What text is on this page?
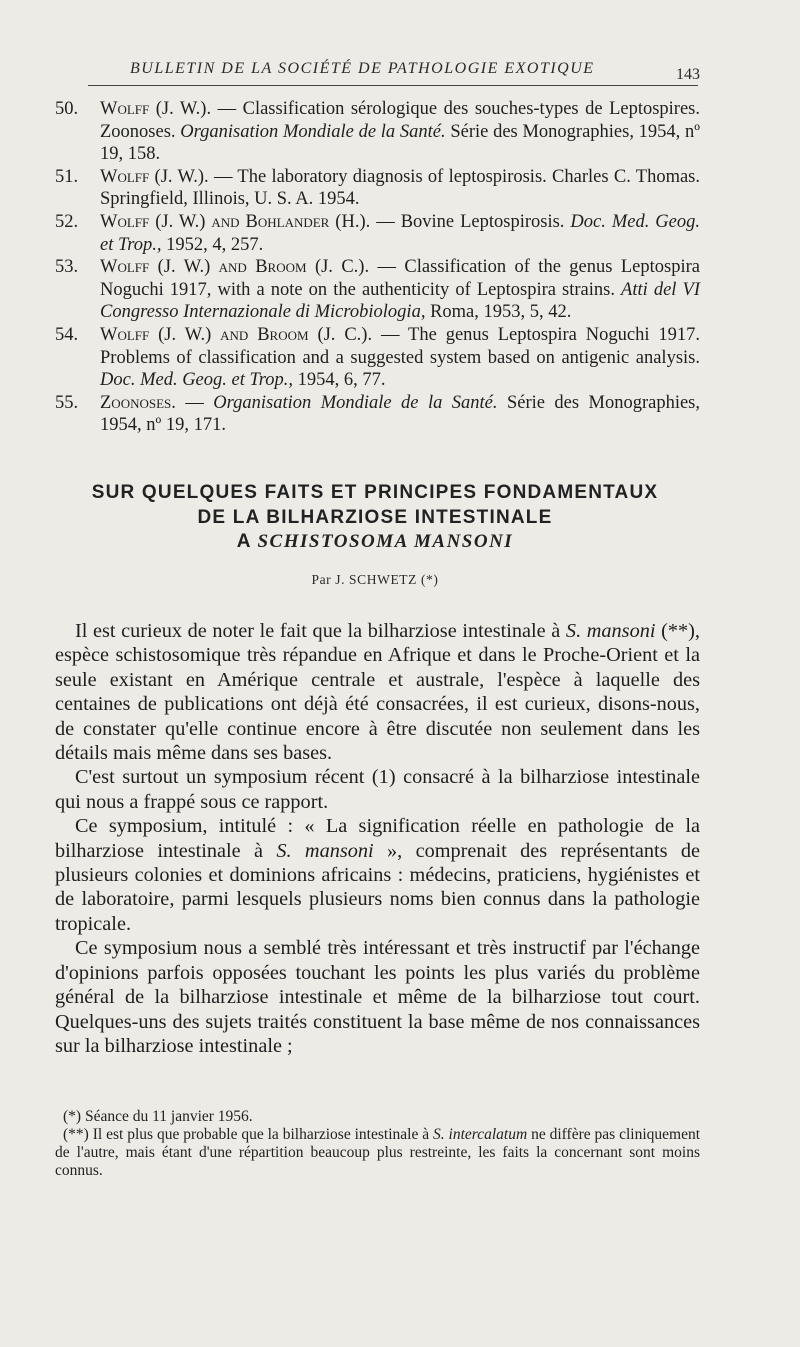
BULLETIN DE LA SOCIÉTÉ DE PATHOLOGIE EXOTIQUE	143
50. Wolff (J. W.). — Classification sérologique des souches-types de Leptospires. Zoonoses. Organisation Mondiale de la Santé. Série des Monographies, 1954, nº 19, 158.
51. Wolff (J. W.). — The laboratory diagnosis of leptospirosis. Charles C. Thomas. Springfield, Illinois, U. S. A. 1954.
52. Wolff (J. W.) and Bohlander (H.). — Bovine Leptospirosis. Doc. Med. Geog. et Trop., 1952, 4, 257.
53. Wolff (J. W.) and Broom (J. C.). — Classification of the genus Leptospira Noguchi 1917, with a note on the authenticity of Leptospira strains. Atti del VI Congresso Internazionale di Microbiologia, Roma, 1953, 5, 42.
54. Wolff (J. W.) and Broom (J. C.). — The genus Leptospira Noguchi 1917. Problems of classification and a suggested system based on antigenic analysis. Doc. Med. Geog. et Trop., 1954, 6, 77.
55. Zoonoses. — Organisation Mondiale de la Santé. Série des Monographies, 1954, nº 19, 171.
SUR QUELQUES FAITS ET PRINCIPES FONDAMENTAUX
DE LA BILHARZIOSE INTESTINALE
A SCHISTOSOMA MANSONI
Par J. SCHWETZ (*)

Il est curieux de noter le fait que la bilharziose intestinale à S. mansoni (**), espèce schistosomique très répandue en Afrique et dans le Proche-Orient et la seule existant en Amérique centrale et australe, l'espèce à laquelle des centaines de publications ont déjà été consacrées, il est curieux, disons-nous, de constater qu'elle continue encore à être discutée non seulement dans les détails mais même dans ses bases.

C'est surtout un symposium récent (1) consacré à la bilharziose intestinale qui nous a frappé sous ce rapport.

Ce symposium, intitulé : « La signification réelle en pathologie de la bilharziose intestinale à S. mansoni », comprenait des représentants de plusieurs colonies et dominions africains : médecins, praticiens, hygiénistes et de laboratoire, parmi lesquels plusieurs noms bien connus dans la pathologie tropicale.

Ce symposium nous a semblé très intéressant et très instructif par l'échange d'opinions parfois opposées touchant les points les plus variés du problème général de la bilharziose intestinale et même de la bilharziose tout court. Quelques-uns des sujets traités constituent la base même de nos connaissances sur la bilharziose intestinale ;

(*) Séance du 11 janvier 1956.

(**) Il est plus que probable que la bilharziose intestinale à S. intercalatum ne diffère pas cliniquement de l'autre, mais étant d'une répartition beaucoup plus restreinte, les faits la concernant sont moins connus.
